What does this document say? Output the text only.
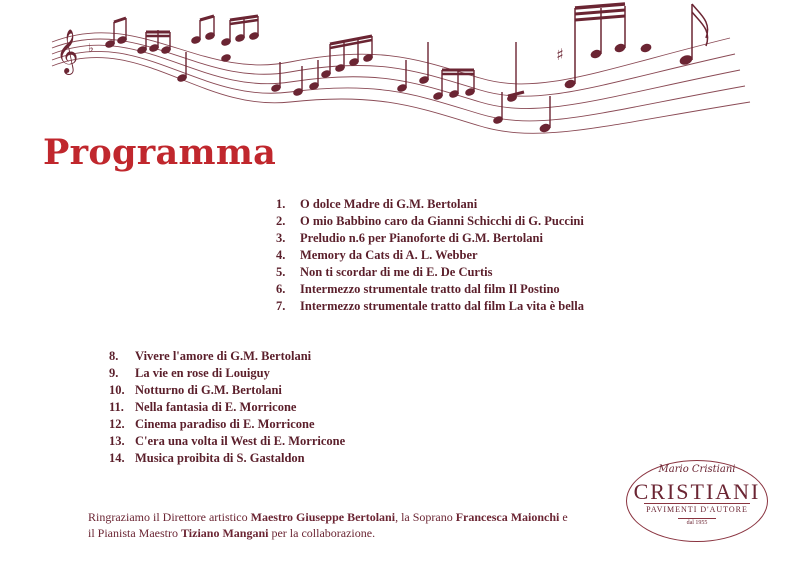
𝄞 ♭	♯
Programma
1.	O dolce Madre di G.M. Bertolani
2.	O mio Babbino caro da Gianni Schicchi di G. Puccini
3.	Preludio n.6 per Pianoforte di G.M. Bertolani
4.	Memory da Cats di A. L. Webber
5.	Non ti scordar di me di E. De Curtis
6.	Intermezzo strumentale tratto dal film Il Postino
7.	Intermezzo strumentale tratto dal film La vita è bella
8.	Vivere l'amore di G.M. Bertolani
9.	La vie en rose di Louiguy
10. Notturno di G.M. Bertolani
11. Nella fantasia di E. Morricone
12. Cinema paradiso di E. Morricone
13. C'era una volta il West di E. Morricone
14. Musica proibita di S. Gastaldon

Ringraziamo il Direttore artistico Maestro Giuseppe Bertolani, la Soprano Francesca Maionchi e
il Pianista Maestro Tiziano Mangani per la collaborazione.

Mario Cristiani
CRISTIANI
PAVIMENTI D'AUTORE
dal 1955
